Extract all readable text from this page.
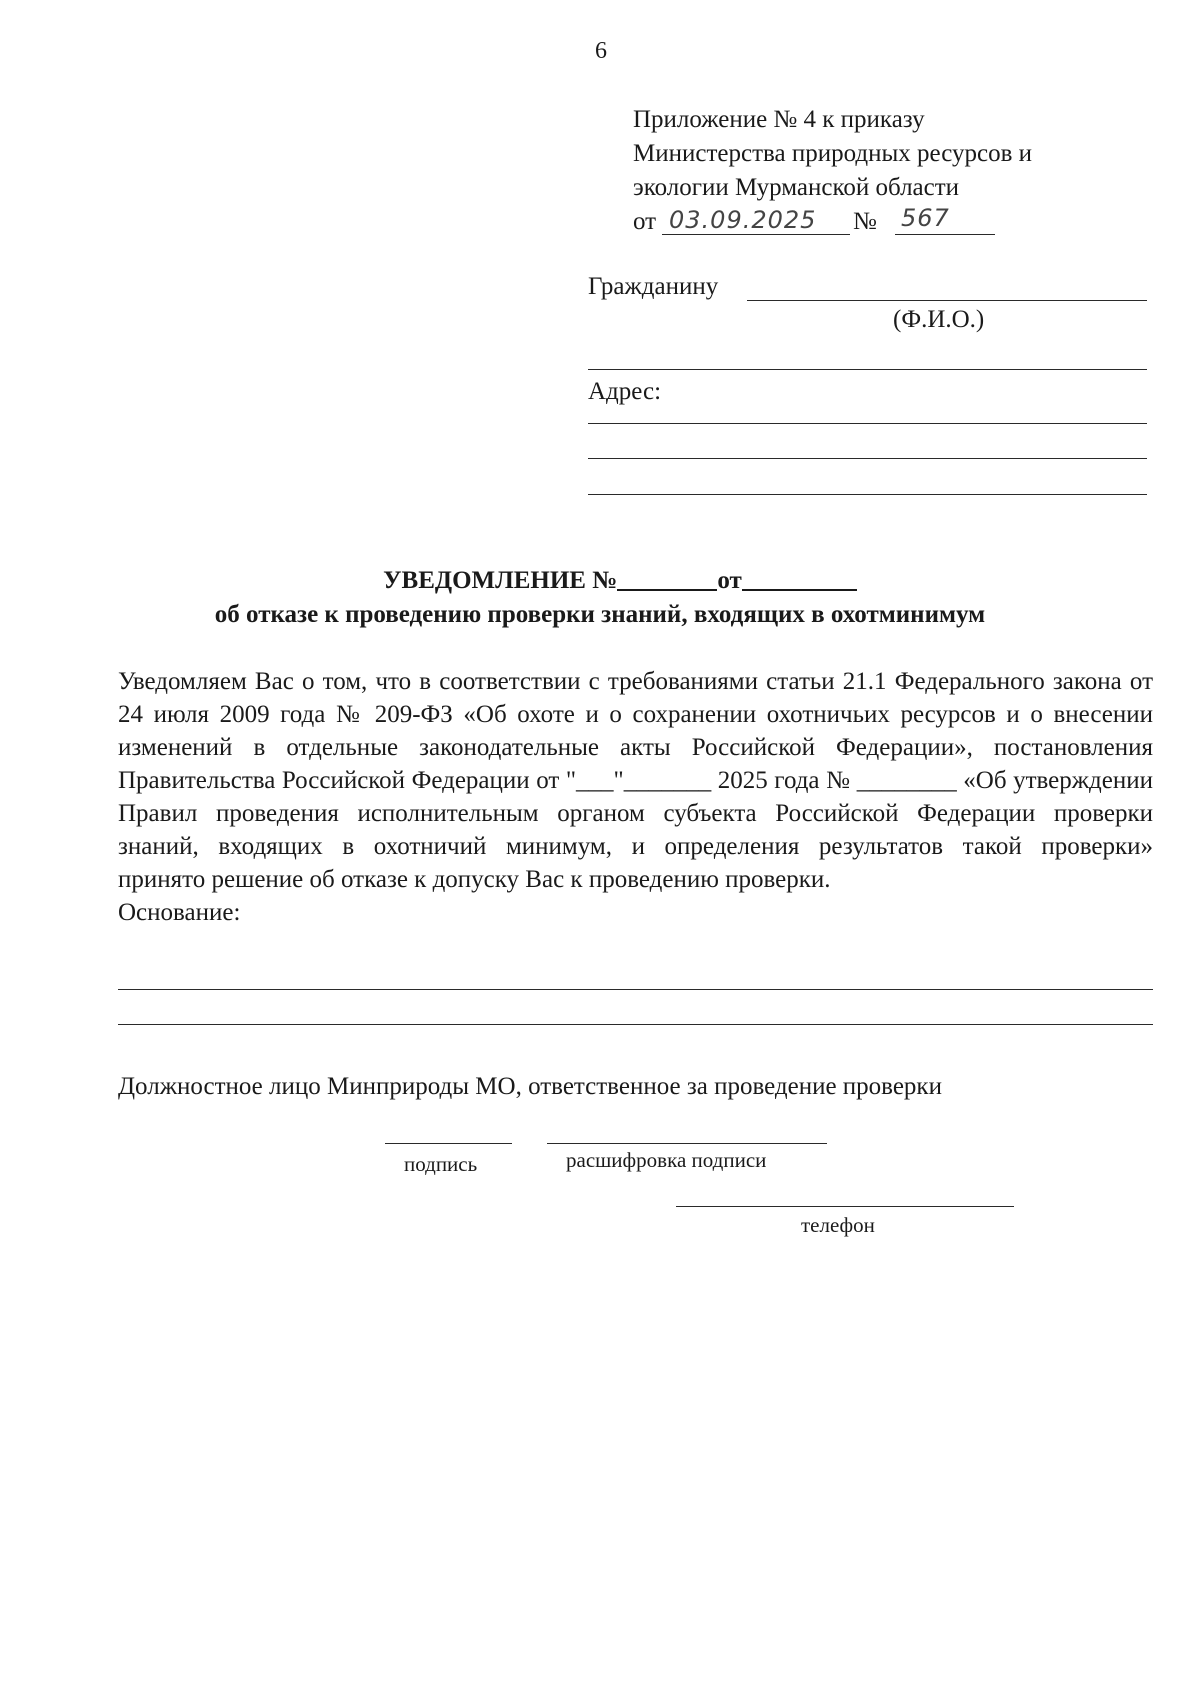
6
Приложение № 4 к приказу
Министерства природных ресурсов и
экологии Мурманской области
от 03.09.2025 № 567
Гражданину
(Ф.И.О.)
Адрес:
УВЕДОМЛЕНИЕ №	от
об отказе к проведению проверки знаний, входящих в охотминимум

Уведомляем Вас о том, что в соответствии с требованиями статьи 21.1 Федерального закона от 24 июля 2009 года № 209-ФЗ «Об охоте и о сохранении охотничьих ресурсов и о внесении изменений в отдельные законодательные акты Российской Федерации», постановления Правительства Российской Федерации от "___"_______ 2025 года № ________ «Об утверждении Правил проведения исполнительным органом субъекта Российской Федерации проверки знаний, входящих в охотничий минимум, и определения результатов такой проверки»

принято решение об отказе к допуску Вас к проведению проверки.

Основание:

Должностное лицо Минприроды МО, ответственное за проведение проверки
подпись	расшифровка подписи
телефон
